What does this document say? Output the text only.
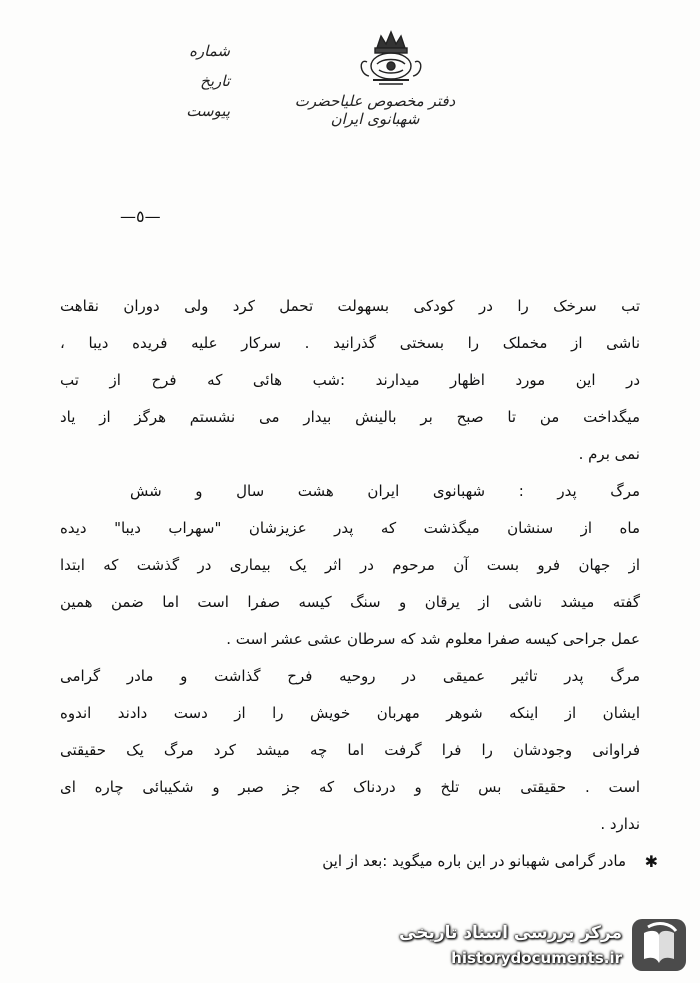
دفتر مخصوص علیاحضرت شهبانوی ایران
شماره
تاریخ
پیوست
—٥—
تب سرخک را در کودکی بسهولت تحمل کرد ولی دوران نقاهت
ناشی از مخملک را بسختی گذرانید . سرکار علیه فریده دیبا ،
در این مورد اظهار میدارند :شب هائی که فرح از تب
میگداخت من تا صبح بر بالینش بیدار می نشستم هرگز از یاد
نمی برم .
مرگ پدر : شهبانوی ایران هشت سال و شش
ماه از سنشان میگذشت که پدر عزیزشان "سهراب دیبا" دیده
از جهان فرو بست آن مرحوم در اثر یک بیماری در گذشت که ابتدا
گفته میشد ناشی از یرقان و سنگ کیسه صفرا است اما ضمن همین
عمل جراحی کیسه صفرا معلوم شد که سرطان عشی عشر است .
مرگ پدر تاثیر عمیقی در روحیه فرح گذاشت و مادر گرامی
ایشان از اینکه شوهر مهربان خویش را از دست دادند اندوه
فراوانی وجودشان را فرا گرفت اما چه میشد کرد مرگ یک حقیقتی
است . حقیقتی بس تلخ و دردناک که جز صبر و شکیبائی چاره ای
ندارد .
✱
مادر گرامی شهبانو در این باره میگوید :بعد از این
مرکز بررسی اسناد تاریخی
historydocuments.ir
